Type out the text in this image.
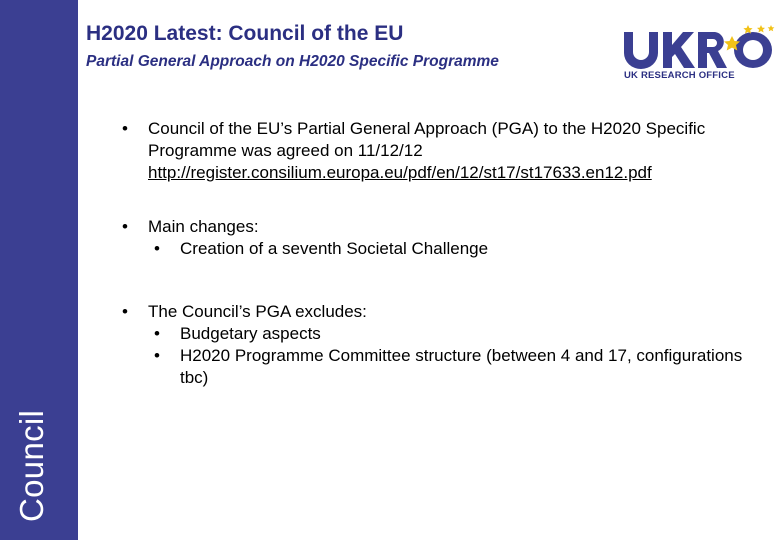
Council
H2020 Latest: Council of the EU
Partial General Approach on H2020 Specific Programme
UK RESEARCH OFFICE
• Council of the EU’s Partial General Approach (PGA) to the H2020 Specific Programme was agreed on 11/12/12
http://register.consilium.europa.eu/pdf/en/12/st17/st17633.en12.pdf
• Main changes:
• Creation of a seventh Societal Challenge
• The Council’s PGA excludes:
• Budgetary aspects
• H2020 Programme Committee structure (between 4 and 17, configurations tbc)
